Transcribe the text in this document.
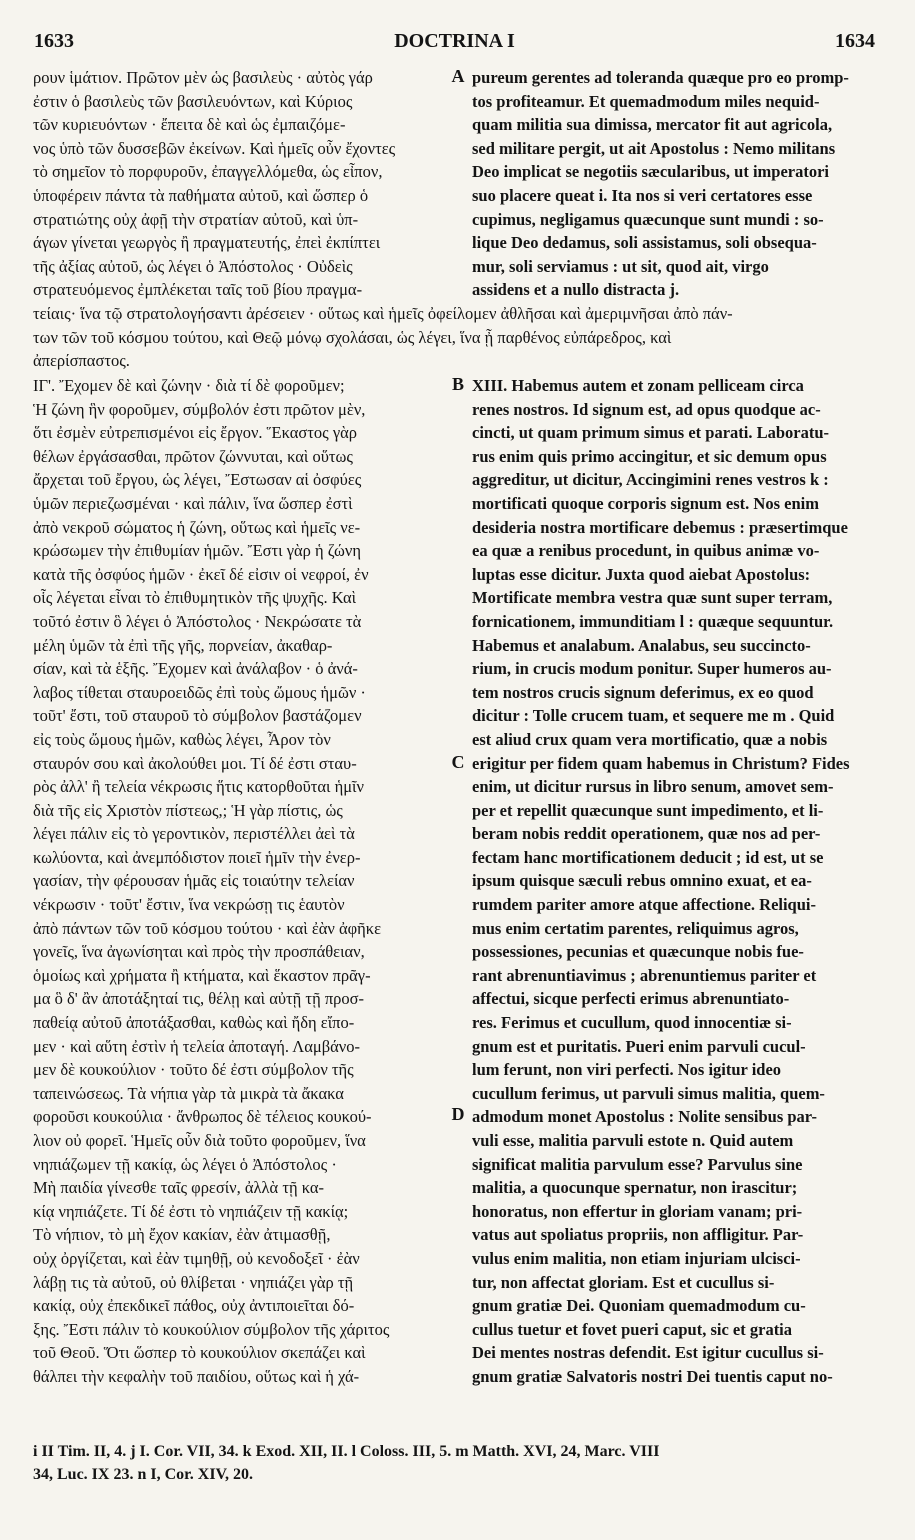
1633	DOCTRINA I	1634
ρουν ἱμάτιον. Πρῶτον μὲν ὡς βασιλεὺς · αὐτὸς γάρ
ἐστιν ὁ βασιλεὺς τῶν βασιλευόντων, καὶ Κύριος
τῶν κυριευόντων · ἔπειτα δὲ καὶ ὡς ἐμπαιζόμε-
νος ὑπὸ τῶν δυσσεβῶν ἐκείνων. Καὶ ἡμεῖς οὖν ἔχοντες
τὸ σημεῖον τὸ πορφυροῦν, ἐπαγγελλόμεθα, ὡς εἶπον,
ὑποφέρειν πάντα τὰ παθήματα αὐτοῦ, καὶ ὥσπερ ὁ
στρατιώτης οὐχ ἀφῇ τὴν στρατίαν αὐτοῦ, καὶ ὑπ-
άγων γίνεται γεωργὸς ἢ πραγματευτής, ἐπεὶ ἐκπίπτει
τῆς ἀξίας αὐτοῦ, ὡς λέγει ὁ Ἀπόστολος · Οὐδεὶς
στρατευόμενος ἐμπλέκεται ταῖς τοῦ βίου πραγμα-
pureum gerentes ad toleranda quæque pro eo promp-
tos profiteamur. Et quemadmodum miles nequid-
quam militia sua dimissa, mercator fit aut agricola,
sed militare pergit, ut ait Apostolus : Nemo militans
Deo implicat se negotiis sæcularibus, ut imperatori
suo placere queat i. Ita nos si veri certatores esse
cupimus, negligamus quæcunque sunt mundi : so-
lique Deo dedamus, soli assistamus, soli obsequa-
mur, soli serviamus : ut sit, quod ait, virgo
assidens et a nullo distracta j.
τείαις· ἵνα τῷ στρατολογήσαντι ἀρέσειεν · οὕτως καὶ ἡμεῖς ὀφείλομεν ἀθλῆσαι καὶ ἀμεριμνῆσαι ἀπὸ πάν-
των τῶν τοῦ κόσμου τούτου, καὶ Θεῷ μόνῳ σχολάσαι, ὡς λέγει, ἵνα ᾖ παρθένος εὐπάρεδρος, καὶ
ἀπερίσπαστος.
ΙΓ'. Ἔχομεν δὲ καὶ ζώνην · διὰ τί δὲ φοροῦμεν;
Ἡ ζώνη ἣν φοροῦμεν, σύμβολόν ἐστι πρῶτον μὲν,
ὅτι ἐσμὲν εὐτρεπισμένοι εἰς ἔργον. Ἕκαστος γὰρ
θέλων ἐργάσασθαι, πρῶτον ζώννυται, καὶ οὕτως
ἄρχεται τοῦ ἔργου, ὡς λέγει, Ἔστωσαν αἱ ὀσφύες
ὑμῶν περιεζωσμέναι · καὶ πάλιν, ἵνα ὥσπερ ἐστὶ
ἀπὸ νεκροῦ σώματος ἡ ζώνη, οὕτως καὶ ἡμεῖς νε-
κρώσωμεν τὴν ἐπιθυμίαν ἡμῶν. Ἔστι γὰρ ἡ ζώνη
κατὰ τῆς ὀσφύος ἡμῶν · ἐκεῖ δέ εἰσιν οἱ νεφροί, ἐν
οἷς λέγεται εἶναι τὸ ἐπιθυμητικὸν τῆς ψυχῆς. Καὶ
τοῦτό ἐστιν ὃ λέγει ὁ Ἀπόστολος · Νεκρώσατε τὰ
μέλη ὑμῶν τὰ ἐπὶ τῆς γῆς, πορνείαν, ἀκαθαρ-
σίαν, καὶ τὰ ἑξῆς. Ἔχομεν καὶ ἀνάλαβον · ὁ ἀνά-
λαβος τίθεται σταυροειδῶς ἐπὶ τοὺς ὤμους ἡμῶν ·
τοῦτ' ἔστι, τοῦ σταυροῦ τὸ σύμβολον βαστάζομεν
εἰς τοὺς ὤμους ἡμῶν, καθὼς λέγει, Ἆρον τὸν
σταυρόν σου καὶ ἀκολούθει μοι. Τί δέ ἐστι σταυ-
ρὸς ἀλλ' ἢ τελεία νέκρωσις ἥτις κατορθοῦται ἡμῖν
διὰ τῆς εἰς Χριστὸν πίστεως,; Ἡ γὰρ πίστις, ὡς
λέγει πάλιν εἰς τὸ γεροντικὸν, περιστέλλει ἀεὶ τὰ
κωλύοντα, καὶ ἀνεμπόδιστον ποιεῖ ἡμῖν τὴν ἐνερ-
γασίαν, τὴν φέρουσαν ἡμᾶς εἰς τοιαύτην τελείαν
νέκρωσιν · τοῦτ' ἔστιν, ἵνα νεκρώσῃ τις ἑαυτὸν
ἀπὸ πάντων τῶν τοῦ κόσμου τούτου · καὶ ἐὰν ἀφῆκε
γονεῖς, ἵνα ἀγωνίσηται καὶ πρὸς τὴν προσπάθειαν,
ὁμοίως καὶ χρήματα ἢ κτήματα, καὶ ἕκαστον πρᾶγ-
μα ὃ δ' ἂν ἀποτάξηταί τις, θέλῃ καὶ αὐτῇ τῇ προσ-
παθείᾳ αὐτοῦ ἀποτάξασθαι, καθὼς καὶ ἤδη εἴπο-
μεν · καὶ αὕτη ἐστὶν ἡ τελεία ἀποταγή. Λαμβάνο-
μεν δὲ κουκούλιον · τοῦτο δέ ἐστι σύμβολον τῆς
ταπεινώσεως. Τὰ νήπια γὰρ τὰ μικρὰ τὰ ἄκακα
φοροῦσι κουκούλια · ἄνθρωπος δὲ τέλειος κουκού-
λιον οὐ φορεῖ. Ἡμεῖς οὖν διὰ τοῦτο φοροῦμεν, ἵνα
νηπιάζωμεν τῇ κακίᾳ, ὡς λέγει ὁ Ἀπόστολος ·
Μὴ παιδία γίνεσθε ταῖς φρεσίν, ἀλλὰ τῇ κα-
κίᾳ νηπιάζετε. Τί δέ ἐστι τὸ νηπιάζειν τῇ κακίᾳ;
Τὸ νήπιον, τὸ μὴ ἔχον κακίαν, ἐὰν ἀτιμασθῇ,
οὐχ ὀργίζεται, καὶ ἐὰν τιμηθῇ, οὐ κενοδοξεῖ · ἐὰν
λάβῃ τις τὰ αὐτοῦ, οὐ θλίβεται · νηπιάζει γὰρ τῇ
κακίᾳ, οὐχ ἐπεκδικεῖ πάθος, οὐχ ἀντιποιεῖται δό-
ξης. Ἔστι πάλιν τὸ κουκούλιον σύμβολον τῆς χάριτος
τοῦ Θεοῦ. Ὅτι ὥσπερ τὸ κουκούλιον σκεπάζει καὶ
θάλπει τὴν κεφαλὴν τοῦ παιδίου, οὕτως καὶ ἡ χά-
XIII. Habemus autem et zonam pelliceam circa
renes nostros. Id signum est, ad opus quodque ac-
cincti, ut quam primum simus et parati. Laboratu-
rus enim quis primo accingitur, et sic demum opus
aggreditur, ut dicitur, Accingimini renes vestros k :
mortificati quoque corporis signum est. Nos enim
desideria nostra mortificare debemus : præsertimque
ea quæ a renibus procedunt, in quibus animæ vo-
luptas esse dicitur. Juxta quod aiebat Apostolus:
Mortificate membra vestra quæ sunt super terram,
fornicationem, immunditiam l : quæque sequuntur.
Habemus et analabum. Analabus, seu succincto-
rium, in crucis modum ponitur. Super humeros au-
tem nostros crucis signum deferimus, ex eo quod
dicitur : Tolle crucem tuam, et sequere me m . Quid
est aliud crux quam vera mortificatio, quæ a nobis
erigitur per fidem quam habemus in Christum? Fides
enim, ut dicitur rursus in libro senum, amovet sem-
per et repellit quæcunque sunt impedimento, et li-
beram nobis reddit operationem, quæ nos ad per-
fectam hanc mortificationem deducit ; id est, ut se
ipsum quisque sæculi rebus omnino exuat, et ea-
rumdem pariter amore atque affectione. Reliqui-
mus enim certatim parentes, reliquimus agros,
possessiones, pecunias et quæcunque nobis fue-
rant abrenuntiavimus ; abrenuntiemus pariter et
affectui, sicque perfecti erimus abrenuntiato-
res. Ferimus et cucullum, quod innocentiæ si-
gnum est et puritatis. Pueri enim parvuli cucul-
lum ferunt, non viri perfecti. Nos igitur ideo
cucullum ferimus, ut parvuli simus malitia, quem-
admodum monet Apostolus : Nolite sensibus par-
vuli esse, malitia parvuli estote n. Quid autem
significat malitia parvulum esse? Parvulus sine
malitia, a quocunque spernatur, non irascitur;
honoratus, non effertur in gloriam vanam; pri-
vatus aut spoliatus propriis, non affligitur. Par-
vulus enim malitia, non etiam injuriam ulcisci-
tur, non affectat gloriam. Est et cucullus si-
gnum gratiæ Dei. Quoniam quemadmodum cu-
cullus tuetur et fovet pueri caput, sic et gratia
Dei mentes nostras defendit. Est igitur cucullus si-
gnum gratiæ Salvatoris nostri Dei tuentis caput no-
A
B
C
D
i II Tim. II, 4. j I. Cor. VII, 34. k Exod. XII, II. l Coloss. III, 5. m Matth. XVI, 24, Marc. VIII
34, Luc. IX 23. n I, Cor. XIV, 20.
